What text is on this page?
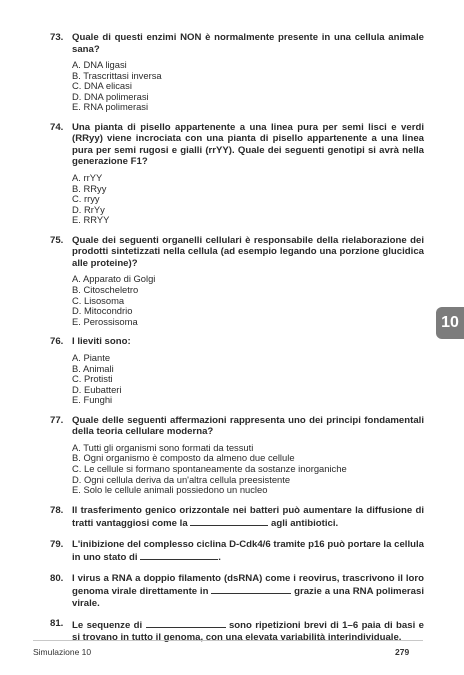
73. Quale di questi enzimi NON è normalmente presente in una cellula animale sana?
A. DNA ligasi
B. Trascrittasi inversa
C. DNA elicasi
D. DNA polimerasi
E. RNA polimerasi
74. Una pianta di pisello appartenente a una linea pura per semi lisci e verdi (RRyy) viene incrociata con una pianta di pisello appartenente a una linea pura per semi rugosi e gialli (rrYY). Quale dei seguenti genotipi si avrà nella generazione F1?
A. rrYY
B. RRyy
C. rryy
D. RrYy
E. RRYY
75. Quale dei seguenti organelli cellulari è responsabile della rielaborazione dei prodotti sintetizzati nella cellula (ad esempio legando una porzione glucidica alle proteine)?
A. Apparato di Golgi
B. Citoscheletro
C. Lisosoma
D. Mitocondrio
E. Perossisoma
76. I lieviti sono:
A. Piante
B. Animali
C. Protisti
D. Eubatteri
E. Funghi
77. Quale delle seguenti affermazioni rappresenta uno dei principi fondamentali della teoria cellulare moderna?
A. Tutti gli organismi sono formati da tessuti
B. Ogni organismo è composto da almeno due cellule
C. Le cellule si formano spontaneamente da sostanze inorganiche
D. Ogni cellula deriva da un'altra cellula preesistente
E. Solo le cellule animali possiedono un nucleo
78. Il trasferimento genico orizzontale nei batteri può aumentare la diffusione di tratti vantaggiosi come la	agli antibiotici.
79. L'inibizione del complesso ciclina D-Cdk4/6 tramite p16 può portare la cellula in uno stato di	.
80. I virus a RNA a doppio filamento (dsRNA) come i reovirus, trascrivono il loro genoma virale direttamente in	grazie a una RNA polimerasi virale.
81. Le sequenze di	sono ripetizioni brevi di 1–6 paia di basi e si trovano in tutto il genoma, con una elevata variabilità interindividuale.
10
Simulazione 10	279
